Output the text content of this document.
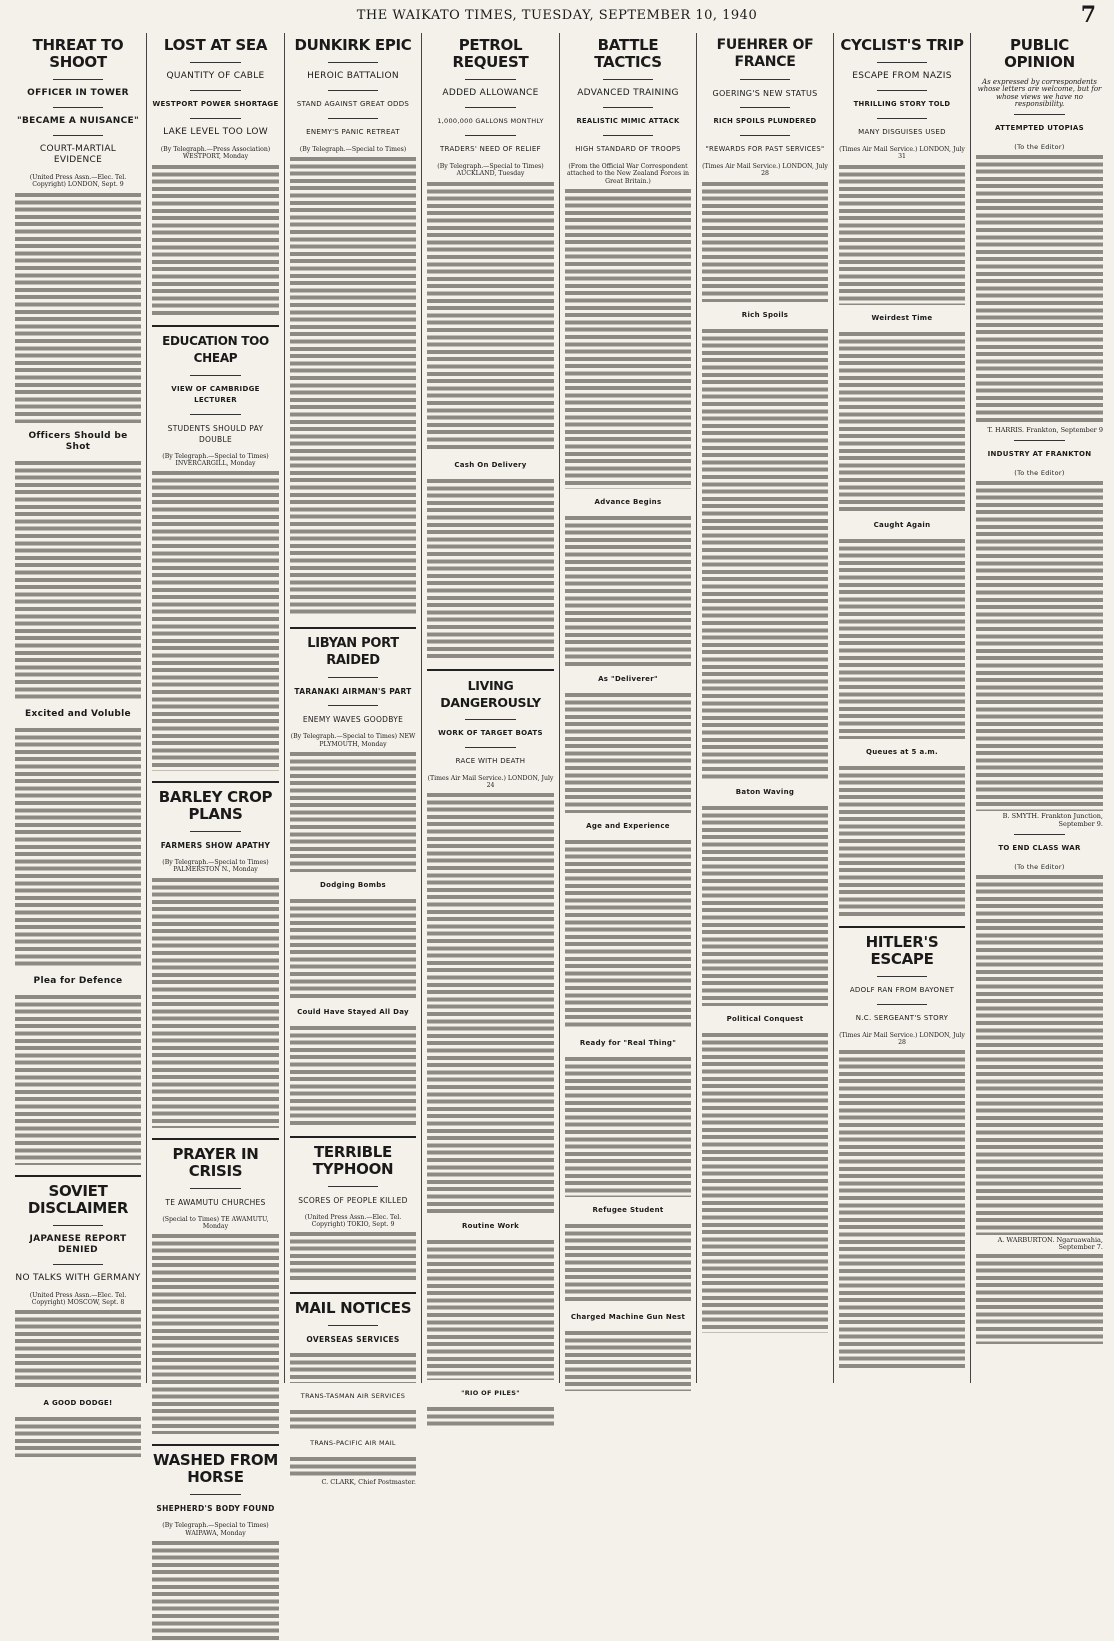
THE WAIKATO TIMES, TUESDAY, SEPTEMBER 10, 1940	7
THREAT TO SHOOT
OFFICER IN TOWER
"BECAME A NUISANCE"
COURT-MARTIAL EVIDENCE
(United Press Assn.—Elec. Tel. Copyright) LONDON, Sept. 9
Officers Should be Shot
Excited and Voluble
Plea for Defence
SOVIET DISCLAIMER
JAPANESE REPORT DENIED
NO TALKS WITH GERMANY
(United Press Assn.—Elec. Tel. Copyright) MOSCOW, Sept. 8
A GOOD DODGE!
LOST AT SEA
QUANTITY OF CABLE
WESTPORT POWER SHORTAGE
LAKE LEVEL TOO LOW
(By Telegraph.—Press Association) WESTPORT, Monday
EDUCATION TOO CHEAP
VIEW OF CAMBRIDGE LECTURER
STUDENTS SHOULD PAY DOUBLE
(By Telegraph.—Special to Times) INVERCARGILL, Monday
BARLEY CROP PLANS
FARMERS SHOW APATHY
(By Telegraph.—Special to Times) PALMERSTON N., Monday
PRAYER IN CRISIS
TE AWAMUTU CHURCHES
(Special to Times) TE AWAMUTU, Monday
WASHED FROM HORSE
SHEPHERD'S BODY FOUND
(By Telegraph.—Special to Times) WAIPAWA, Monday
DUNKIRK EPIC
HEROIC BATTALION
STAND AGAINST GREAT ODDS
ENEMY'S PANIC RETREAT
(By Telegraph.—Special to Times)
LIBYAN PORT RAIDED
TARANAKI AIRMAN'S PART
ENEMY WAVES GOODBYE
(By Telegraph.—Special to Times) NEW PLYMOUTH, Monday
Dodging Bombs
Could Have Stayed All Day
TERRIBLE TYPHOON
SCORES OF PEOPLE KILLED
(United Press Assn.—Elec. Tel. Copyright) TOKIO, Sept. 9
MAIL NOTICES
OVERSEAS SERVICES
TRANS-TASMAN AIR SERVICES
TRANS-PACIFIC AIR MAIL
C. CLARK, Chief Postmaster.
PETROL REQUEST
ADDED ALLOWANCE
1,000,000 GALLONS MONTHLY
TRADERS' NEED OF RELIEF
(By Telegraph.—Special to Times) AUCKLAND, Tuesday
Cash On Delivery
LIVING DANGEROUSLY
WORK OF TARGET BOATS
RACE WITH DEATH
(Times Air Mail Service.) LONDON, July 24
Routine Work
"RIO OF PILES"
BATTLE TACTICS
ADVANCED TRAINING
REALISTIC MIMIC ATTACK
HIGH STANDARD OF TROOPS
(From the Official War Correspondent attached to the New Zealand Forces in Great Britain.)
Advance Begins
As "Deliverer"
Age and Experience
Ready for "Real Thing"
Refugee Student
Charged Machine Gun Nest
FUEHRER OF FRANCE
GOERING'S NEW STATUS
RICH SPOILS PLUNDERED
"REWARDS FOR PAST SERVICES"
(Times Air Mail Service.) LONDON, July 28
Rich Spoils
Baton Waving
Political Conquest
CYCLIST'S TRIP
ESCAPE FROM NAZIS
THRILLING STORY TOLD
MANY DISGUISES USED
(Times Air Mail Service.) LONDON, July 31
Weirdest Time
Caught Again
Queues at 5 a.m.
HITLER'S ESCAPE
ADOLF RAN FROM BAYONET
N.C. SERGEANT'S STORY
(Times Air Mail Service.) LONDON, July 28
PUBLIC OPINION
As expressed by correspondents whose letters are welcome, but for whose views we have no responsibility.
ATTEMPTED UTOPIAS
(To the Editor)
T. HARRIS. Frankton, September 9
INDUSTRY AT FRANKTON
(To the Editor)
B. SMYTH. Frankton Junction, September 9.
TO END CLASS WAR
(To the Editor)
A. WARBURTON. Ngaruawahia, September 7.
